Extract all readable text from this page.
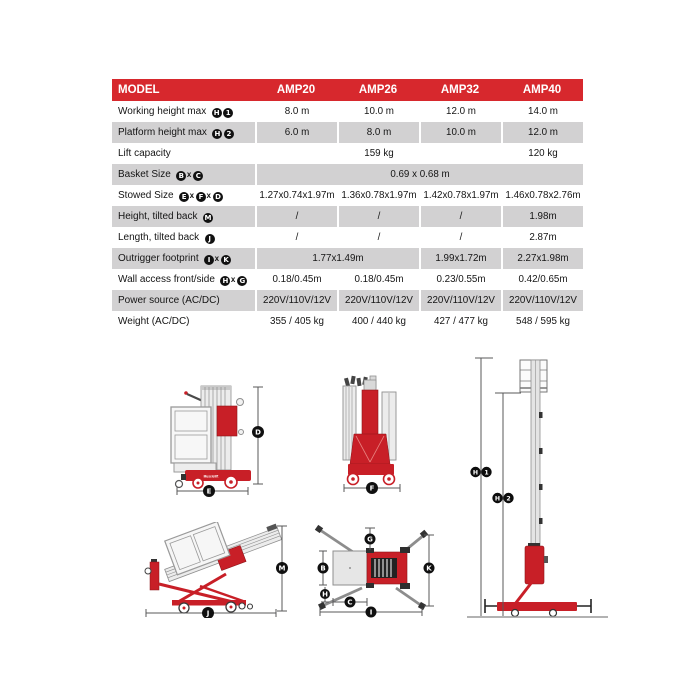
MODEL	AMP20	AMP26	AMP32	AMP40
Working height max H 1	8.0 m	10.0 m	12.0 m	14.0 m
Platform height max H 2	6.0 m	8.0 m	10.0 m	12.0 m
Lift capacity	159 kg			120 kg
Basket Size B x C	0.69 x 0.68 m			
Stowed Size E x F x D	1.27x0.74x1.97m	1.36x0.78x1.97m	1.42x0.78x1.97m	1.46x0.78x2.76m
Height, tilted back M	/	/	/	1.98m
Length, tilted back J	/	/	/	2.87m
Outrigger footprint I x K	1.77x1.49m		1.99x1.72m	2.27x1.98m
Wall access front/side H x G	0.18/0.45m	0.18/0.45m	0.23/0.55m	0.42/0.65m
Power source (AC/DC)	220V/110V/12V	220V/110V/12V	220V/110V/12V	220V/110V/12V
Weight (AC/DC)	355 / 405 kg	400 / 440 kg	427 / 477 kg	548 / 595 kg
Musclelift
D
E	F
H 1
H 2
M
J
G
B	K
H
C
I
